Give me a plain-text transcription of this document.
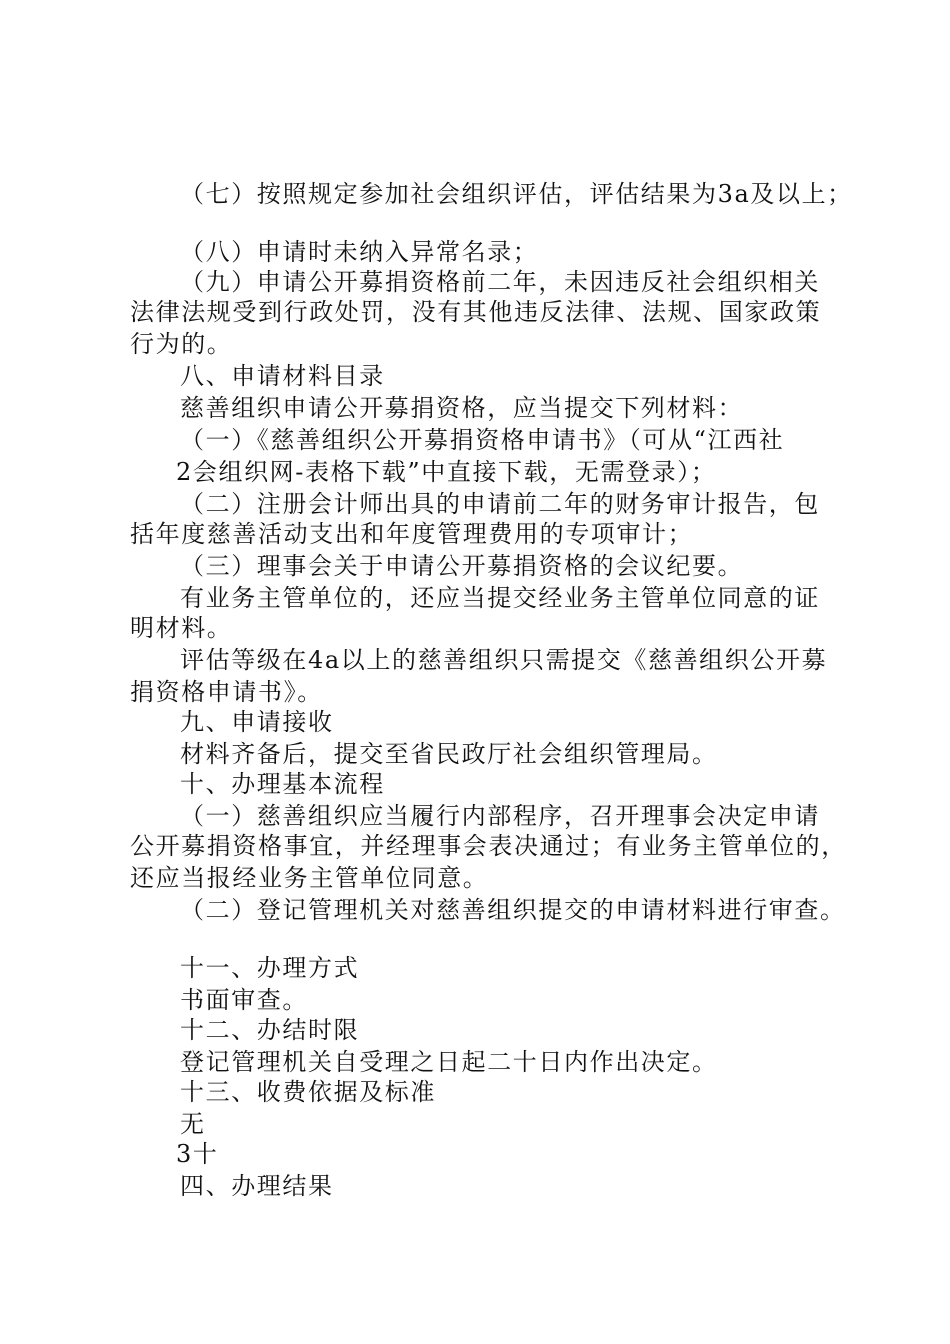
（七）按照规定参加社会组织评估，评估结果为3a及以上；
（八）申请时未纳入异常名录；
（九）申请公开募捐资格前二年，未因违反社会组织相关
法律法规受到行政处罚，没有其他违反法律、法规、国家政策
行为的。
八、申请材料目录
慈善组织申请公开募捐资格，应当提交下列材料：
（一）《慈善组织公开募捐资格申请书》（可从“江西社
2会组织网-表格下载”中直接下载，无需登录）；
（二）注册会计师出具的申请前二年的财务审计报告，包
括年度慈善活动支出和年度管理费用的专项审计；
（三）理事会关于申请公开募捐资格的会议纪要。
有业务主管单位的，还应当提交经业务主管单位同意的证
明材料。
评估等级在4a以上的慈善组织只需提交《慈善组织公开募
捐资格申请书》。
九、申请接收
材料齐备后，提交至省民政厅社会组织管理局。
十、办理基本流程
（一）慈善组织应当履行内部程序，召开理事会决定申请
公开募捐资格事宜，并经理事会表决通过；有业务主管单位的，
还应当报经业务主管单位同意。
（二）登记管理机关对慈善组织提交的申请材料进行审查。
十一、办理方式
书面审查。
十二、办结时限
登记管理机关自受理之日起二十日内作出决定。
十三、收费依据及标准
无
3十
四、办理结果
